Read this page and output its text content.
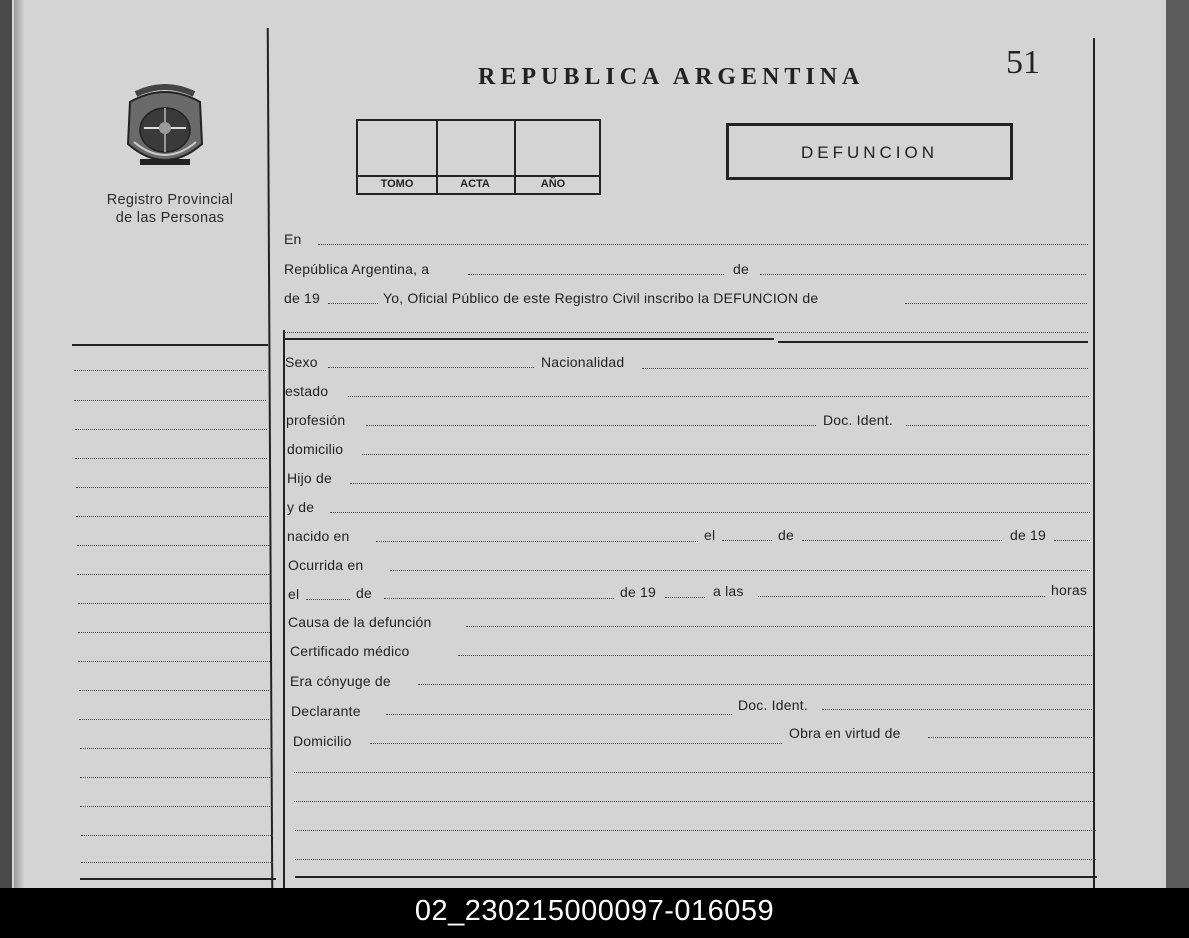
Registro Provincial
de las Personas
REPUBLICA ARGENTINA	51
TOMO	ACTA	AÑO
DEFUNCION
En
República Argentina, a	de
de 19	Yo, Oficial Público de este Registro Civil inscribo la DEFUNCION de
Sexo	Nacionalidad
estado
profesión	Doc. Ident.
domicilio
Hijo de
y de
nacido en	el	de	de 19
Ocurrida en
el	de	de 19	a las	horas
Causa de la defunción
Certificado médico
Era cónyuge de
Declarante	Doc. Ident.
Domicilio	Obra en virtud de
02_230215000097-016059
